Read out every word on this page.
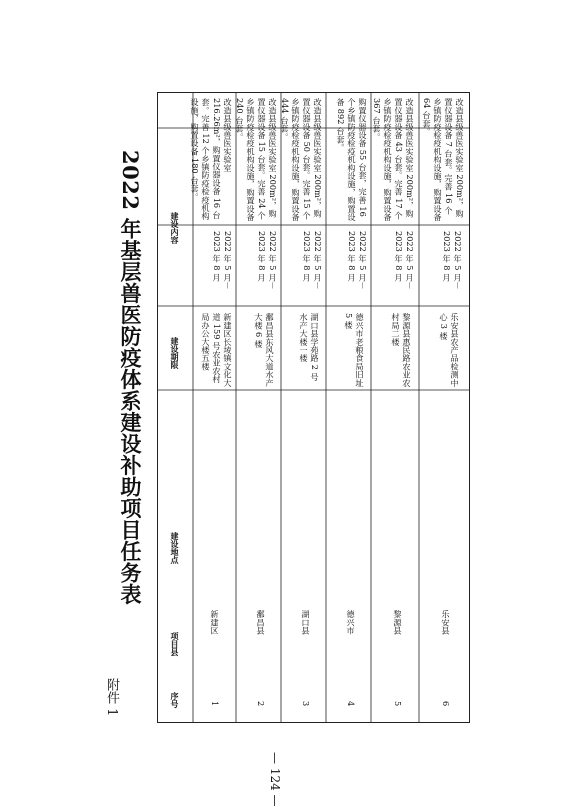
附件 1
2022 年基层兽医防疫体系建设补助项目任务表	建设内容
建设期限
建设地点
项目县
序号
改造县级兽医实验室 216.26m²，购置仪器设备 16 台套。完善 12 个乡镇防疫检疫机构设施，购置设备 180 台套。
2022 年 5 月－2023 年 8 月
新建区长堎镇文化大道 159 号农业农村局办公大楼五楼
新建区
1
改造县级兽医实验室 200m²，购置仪器设备 15 台套。完善 24 个乡镇防疫检疫机构设施，购置设备 240 台套。
2022 年 5 月－2023 年 8 月
鄱昌县东风大道水产大楼 6 楼
鄱昌县
2
改造县级兽医实验室 200m²，购置仪器设备 50 台套。完善 15 个乡镇防疫检疫机构设施，购置设备 444 台套。
2022 年 5 月－2023 年 8 月
湖口县学苑路 2 号水产大楼一楼
湖口县
3
购置仪器设备 55 台套，完善 16 个乡镇防疫检疫机构设施，购置设备 892 台套。
2022 年 5 月－2023 年 8 月
德兴市老粮食局旧址 5 楼
德兴市
4
改造县级兽医实验室 200m²，购置仪器设备 43 台套。完善 17 个乡镇防疫检疫机构设施，购置设备 367 台套。
2022 年 5 月－2023 年 8 月
黎源县惠民路农业农村局二楼
黎源县
5
改造县级兽医实验室 200m²，购置仪器设备 7 台套。完善 16 个乡镇防疫检疫机构设施，购置设备 64 台套。
2022 年 5 月－2023 年 8 月
乐安县农产品检测中心 3 楼
乐安县
6
— 124 —
